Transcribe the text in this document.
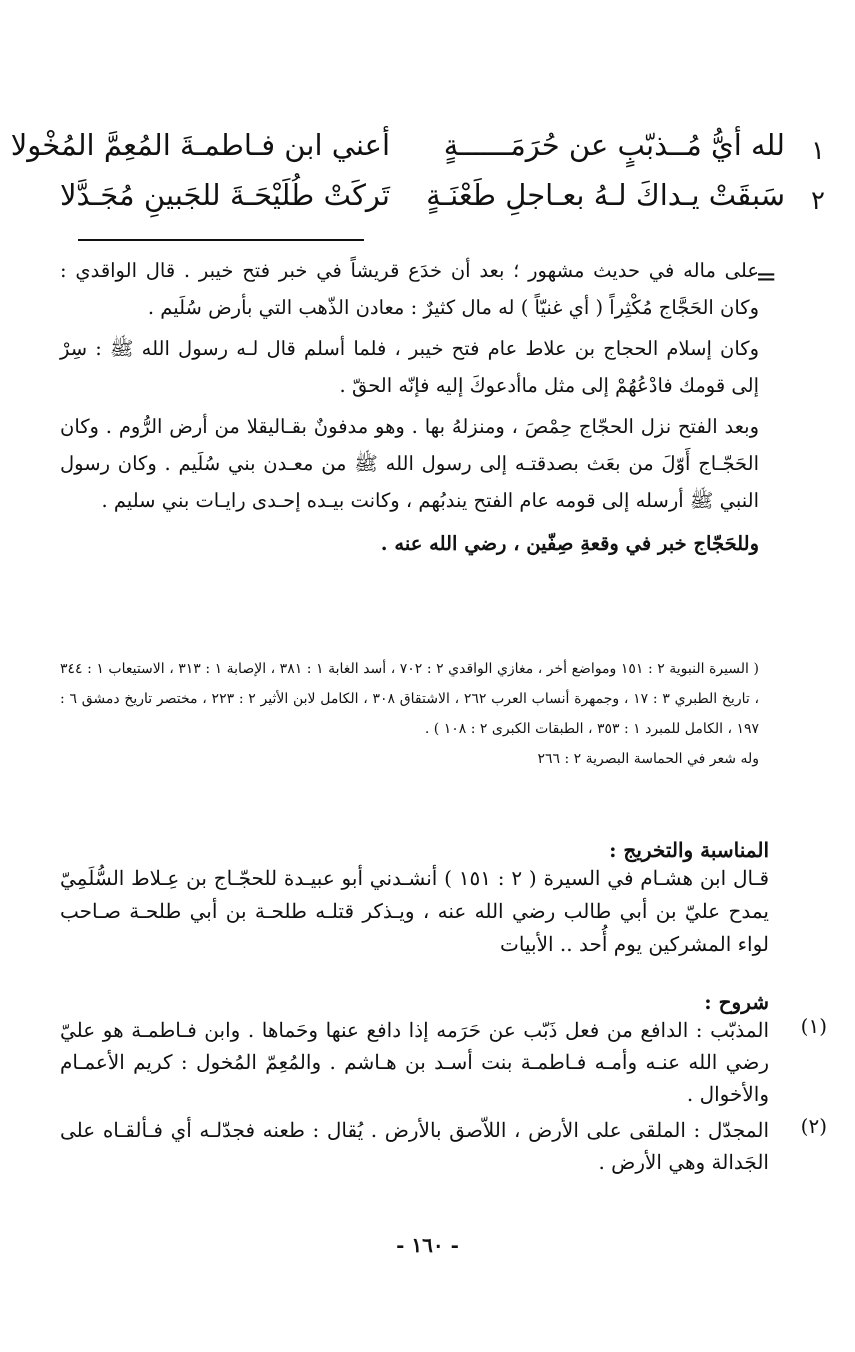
١
لله أيُّ مُــذبّبٍ عن حُرَمَــــــةٍ
أعني ابن فـاطمـةَ المُعِمَّ المُخْولا
٢
سَبقَتْ يـداكَ لـهُ بعـاجلِ طَعْنَـةٍ
تَركَتْ طُلَيْحَـةَ للجَبينِ مُجَـدَّلا
=

على ماله في حديث مشهور ؛ بعد أن خدَع قريشاً في خبر فتح خيبر . قال الواقدي : وكان الحَجَّاج مُكْثِراً ( أي غنيّاً ) له مال كثيرٌ : معادن الذّهب التي بأرض سُلَيم .

وكان إسلام الحجاج بن علاط عام فتح خيبر ، فلما أسلم قال لـه رسول الله ﷺ : سِرْ إلى قومك فادْعُهُمْ إلى مثل ماأدعوكَ إليه فإنّه الحقّ .

وبعد الفتح نزل الحجّاج حِمْصَ ، ومنزلهُ بها . وهو مدفونٌ بقـاليقلا من أرض الرُّوم . وكان الحَجّـاج أَوّلَ من بعَث بصدقتـه إلى رسول الله ﷺ من معـدن بني سُلَيم . وكان رسول النبي ﷺ أرسله إلى قومه عام الفتح يندبُهم ، وكانت بيـده إحـدى رايـات بني سليم .

وللحَجّاج خبر في وقعةِ صِفّين ، رضي الله عنه .

( السيرة النبوية ٢ : ١٥١ ومواضع أخر ، مغازي الواقدي ٢ : ٧٠٢ ، أسد الغابة ١ : ٣٨١ ، الإصابة ١ : ٣١٣ ، الاستيعاب ١ : ٣٤٤ ، تاريخ الطبري ٣ : ١٧ ، وجمهرة أنساب العرب ٢٦٢ ، الاشتقاق ٣٠٨ ، الكامل لابن الأثير ٢ : ٢٢٣ ، مختصر تاريخ دمشق ٦ : ١٩٧ ، الكامل للمبرد ١ : ٣٥٣ ، الطبقات الكبرى ٢ : ١٠٨ ) .

وله شعر في الحماسة البصرية ٢ : ٢٦٦

المناسبة والتخريج :

قـال ابن هشـام في السيرة ( ٢ : ١٥١ ) أنشـدني أبو عبيـدة للحجّـاج بن عِـلاط السُّلَمِيّ يمدح عليّ بن أبي طالب رضي الله عنه ، ويـذكر قتلـه طلحـة بن أبي طلحـة صـاحب لواء المشركين يوم أُحد .. الأبيات

شروح :

(١)

المذبّب : الدافع من فعل ذَبّب عن حَرَمه إذا دافع عنها وحَماها . وابن فـاطمـة هو عليّ رضي الله عنـه وأمـه فـاطمـة بنت أسـد بن هـاشم . والمُعِمّ المُخول : كريم الأعمـام والأخوال .

(٢)

المجدّل : الملقى على الأرض ، اللاّصق بالأرض . يُقال : طعنه فجدّلـه أي فـألقـاه على الجَدالة وهي الأرض .

- ١٦٠ -
